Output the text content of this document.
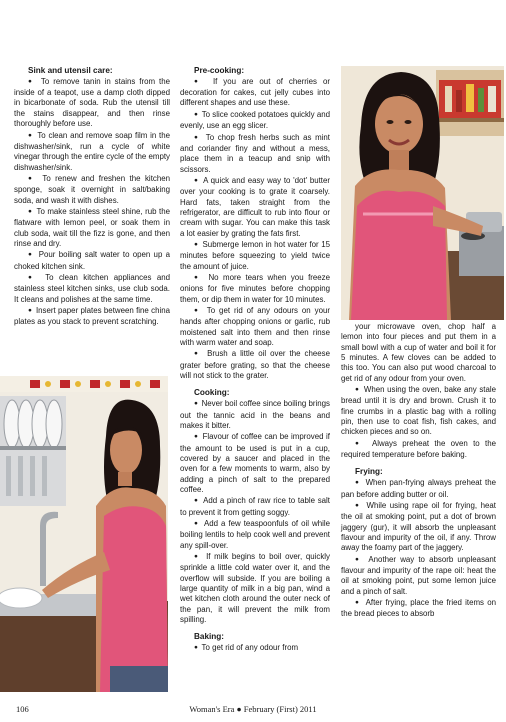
Sink and utensil care:

●  To remove tanin in stains from the inside of a teapot, use a damp cloth dipped in bicarbonate of soda. Rub the utensil till the stains disappear, and then rinse thoroughly before use.

●  To clean and remove soap film in the dishwasher/sink, run a cycle of white vinegar through the entire cycle of the empty dishwasher/sink.

●  To renew and freshen the kitchen sponge, soak it overnight in salt/baking soda, and wash it with dishes.

●  To make stainless steel shine, rub the flatware with lemon peel, or soak them in club soda, wait till the fizz is gone, and then rinse and dry.

●  Pour boiling salt water to open up a choked kitchen sink.

●  To clean kitchen appliances and stainless steel kitchen sinks, use club soda. It cleans and polishes at the same time.

●  Insert paper plates between fine china plates as you stack to prevent scratching.

Pre-cooking:

●  If you are out of cherries or decoration for cakes, cut jelly cubes into different shapes and use these.

●  To slice cooked potatoes quickly and evenly, use an egg slicer.

●  To chop fresh herbs such as mint and coriander finy and without a mess, place them in a teacup and snip with scissors.

●  A quick and easy way to 'dot' butter over your cooking is to grate it coarsely. Hard fats, taken straight from the refrigerator, are difficult to rub into flour or cream with sugar. You can make this task a lot easier by grating the fats first.

●  Submerge lemon in hot water for 15 minutes before squeezing to yield twice the amount of juice.

●  No more tears when you freeze onions for five minutes before chopping them, or dip them in water for 10 minutes.

●  To get rid of any odours on your hands after chopping onions or garlic, rub moistened salt into them and then rinse with warm water and soap.

●  Brush a little oil over the cheese grater before grating, so that the cheese will not stick to the grater.

Cooking:

●  Never boil coffee since boiling brings out the tannic acid in the beans and makes it bitter.

●  Flavour of coffee can be improved if the amount to be used is put in a cup, covered by a saucer and placed in the oven for a few moments to warm, also by adding a pinch of salt to the prepared coffee.

●  Add a pinch of raw rice to table salt to prevent it from getting soggy.

●  Add a few teaspoonfuls of oil while boiling lentils to help cook well and prevent any spill-over.

●  If milk begins to boil over, quickly sprinkle a little cold water over it, and the overflow will subside. If you are boiling a large quantity of milk in a big pan, wind a wet kitchen cloth around the outer neck of the pan, it will prevent the milk from spilling.

Baking:

●  To get rid of any odour from

your microwave oven, chop half a lemon into four pieces and put them in a small bowl with a cup of water and boil it for 5 minutes. A few cloves can be added to this too. You can also put wood charcoal to get rid of any odour from your oven.

●  When using the oven, bake any stale bread until it is dry and brown. Crush it to fine crumbs in a plastic bag with a rolling pin, then use to coat fish, fish cakes, and chicken pieces and so on.

●  Always preheat the oven to the required temperature before baking.

Frying:

●  When pan-frying always preheat the pan before adding butter or oil.

●  While using rape oil for frying, heat the oil at smoking point, put a dot of brown jaggery (gur), it will absorb the unpleasant flavour and impurity of the oil, if any. Throw away the foamy part of the jaggery.

●  Another way to absorb unpleasant flavour and impurity of the rape oil: heat the oil at smoking point, put some lemon juice and a pinch of salt.

●  After frying, place the fried items on the bread pieces to absorb

106	Woman's Era ● February (First) 2011
